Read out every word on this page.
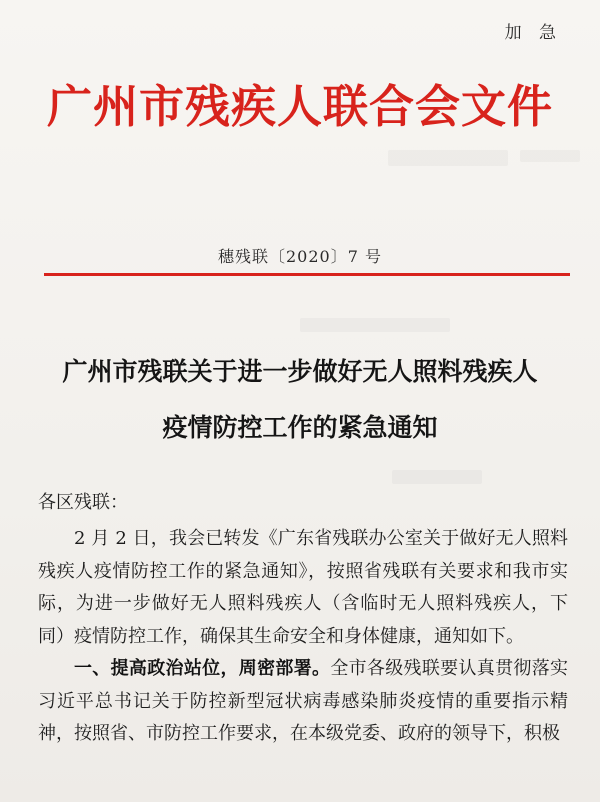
加 急
广州市残疾人联合会文件
穗残联〔2020〕7 号
广州市残联关于进一步做好无人照料残疾人
疫情防控工作的紧急通知
各区残联：
2 月 2 日，我会已转发《广东省残联办公室关于做好无人照料残疾人疫情防控工作的紧急通知》，按照省残联有关要求和我市实际，为进一步做好无人照料残疾人（含临时无人照料残疾人，下同）疫情防控工作，确保其生命安全和身体健康，通知如下。
一、提高政治站位，周密部署。全市各级残联要认真贯彻落实习近平总书记关于防控新型冠状病毒感染肺炎疫情的重要指示精神，按照省、市防控工作要求，在本级党委、政府的领导下，积极
